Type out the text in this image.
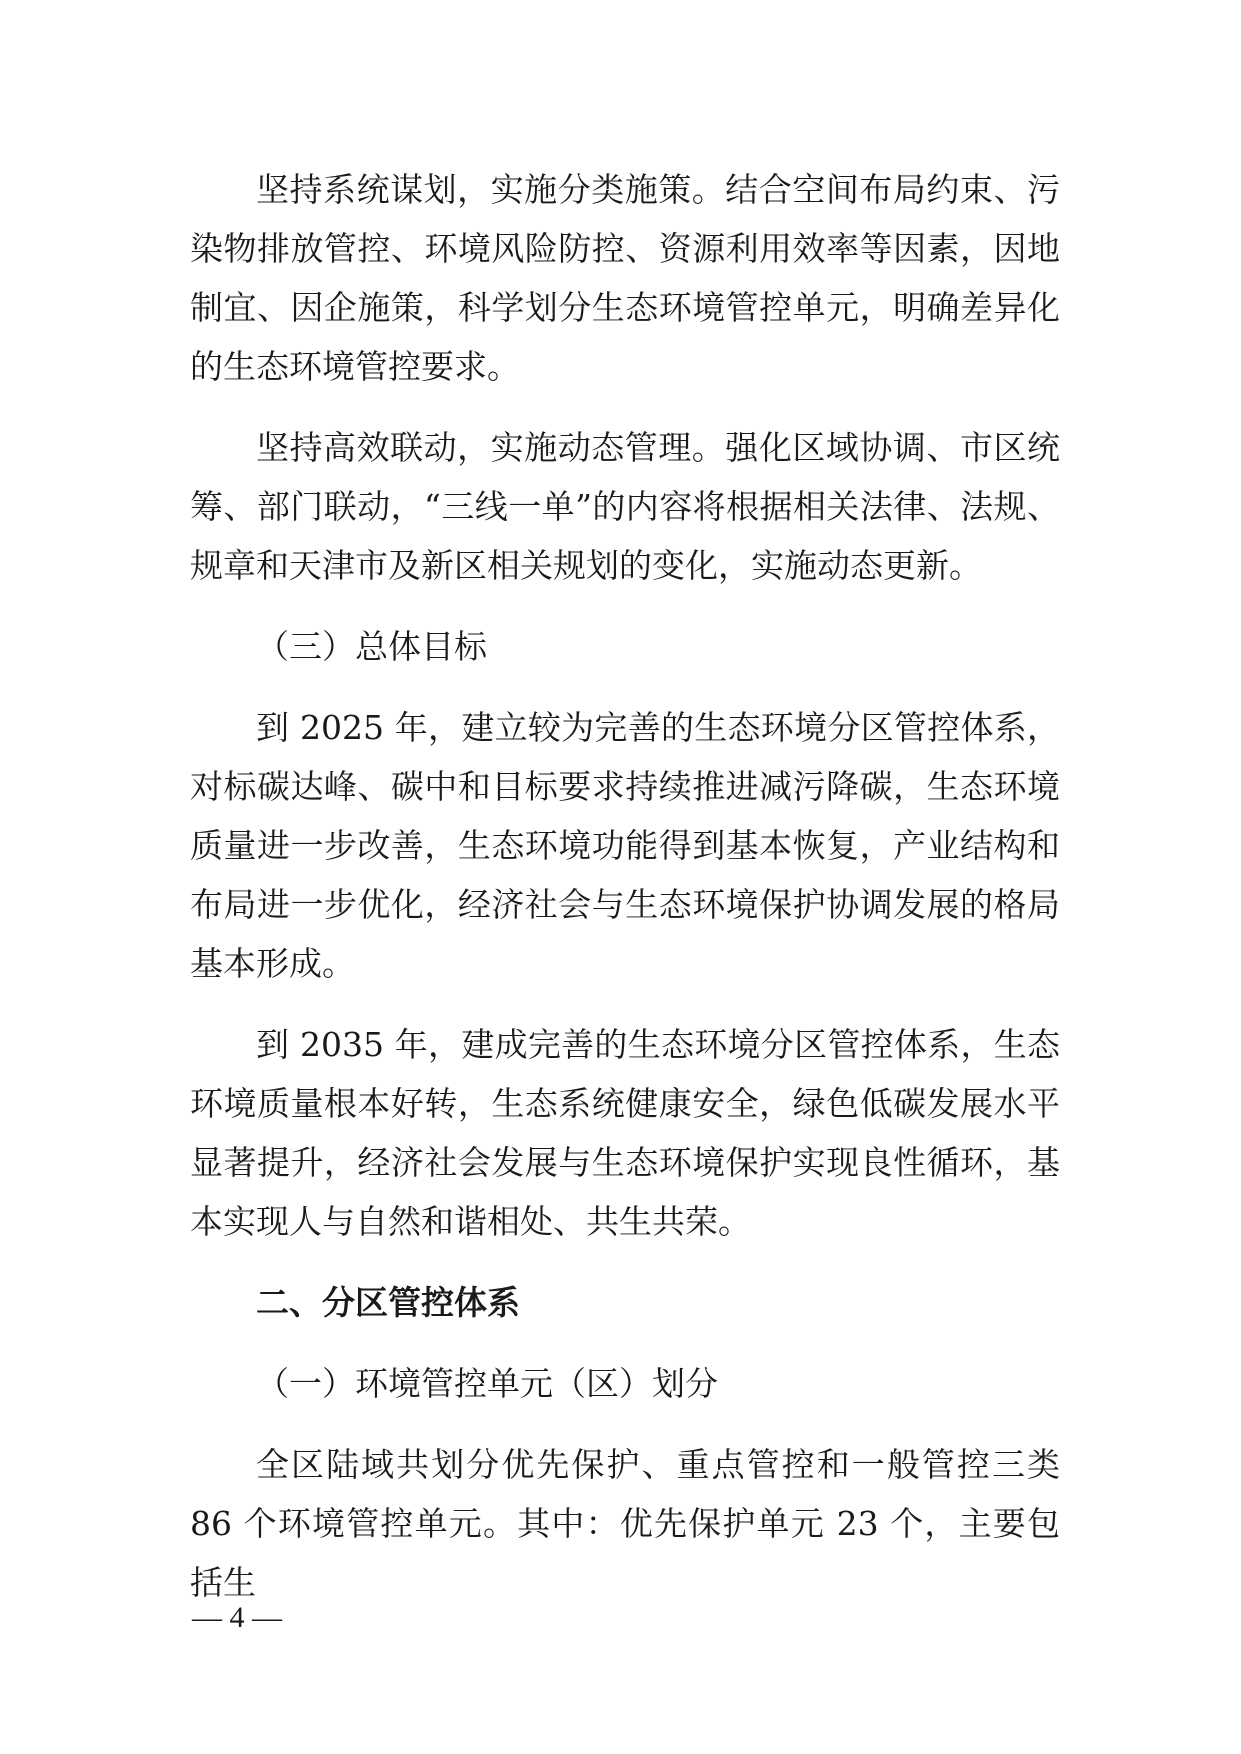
坚持系统谋划，实施分类施策。结合空间布局约束、污染物排放管控、环境风险防控、资源利用效率等因素，因地制宜、因企施策，科学划分生态环境管控单元，明确差异化的生态环境管控要求。

坚持高效联动，实施动态管理。强化区域协调、市区统筹、部门联动，“三线一单”的内容将根据相关法律、法规、规章和天津市及新区相关规划的变化，实施动态更新。

（三）总体目标

到 2025 年，建立较为完善的生态环境分区管控体系，对标碳达峰、碳中和目标要求持续推进减污降碳，生态环境质量进一步改善，生态环境功能得到基本恢复，产业结构和布局进一步优化，经济社会与生态环境保护协调发展的格局基本形成。

到 2035 年，建成完善的生态环境分区管控体系，生态环境质量根本好转，生态系统健康安全，绿色低碳发展水平显著提升，经济社会发展与生态环境保护实现良性循环，基本实现人与自然和谐相处、共生共荣。

二、分区管控体系

（一）环境管控单元（区）划分

全区陆域共划分优先保护、重点管控和一般管控三类 86 个环境管控单元。其中：优先保护单元 23 个，主要包括生

— 4 —
